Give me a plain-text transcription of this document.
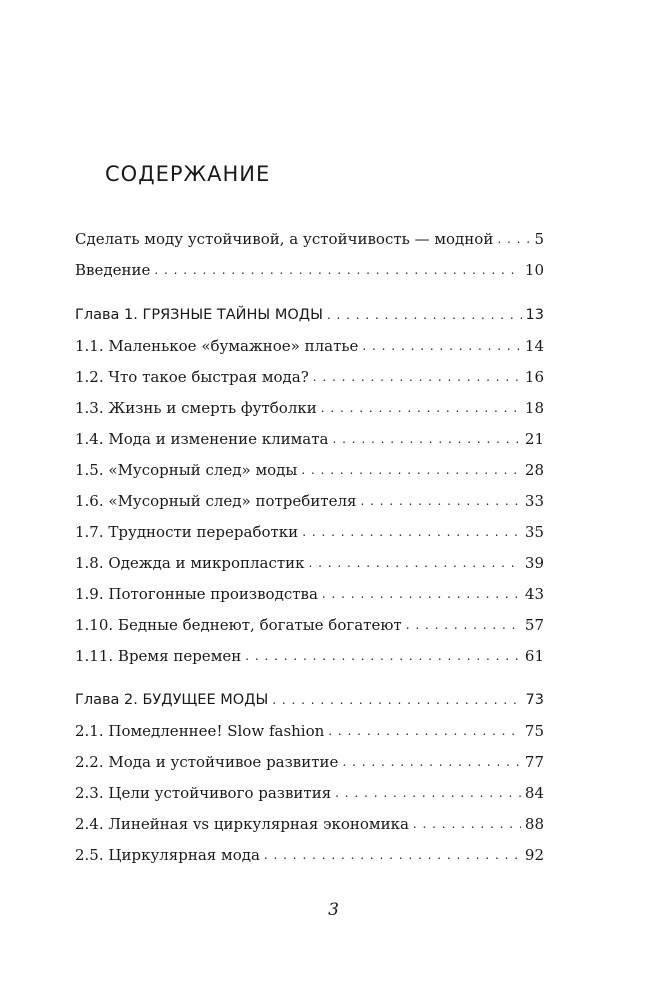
СОДЕРЖАНИЕ
Сделать моду устойчивой, а устойчивость — модной . . .	5
Введение . . .	10
Глава 1. ГРЯЗНЫЕ ТАЙНЫ МОДЫ . . .	13
1.1. Маленькое «бумажное» платье . . .	14
1.2. Что такое быстрая мода? . . .	16
1.3. Жизнь и смерть футболки . . .	18
1.4. Мода и изменение климата . . .	21
1.5. «Мусорный след» моды . . .	28
1.6. «Мусорный след» потребителя . . .	33
1.7. Трудности переработки . . .	35
1.8. Одежда и микропластик . . .	39
1.9. Потогонные производства . . .	43
1.10. Бедные беднеют, богатые богатеют . . .	57
1.11. Время перемен . . .	61
Глава 2. БУДУЩЕЕ МОДЫ . . .	73
2.1. Помедленнее! Slow fashion . . .	75
2.2. Мода и устойчивое развитие . . .	77
2.3. Цели устойчивого развития . . .	84
2.4. Линейная vs циркулярная экономика . . .	88
2.5. Циркулярная мода . . .	92
3
